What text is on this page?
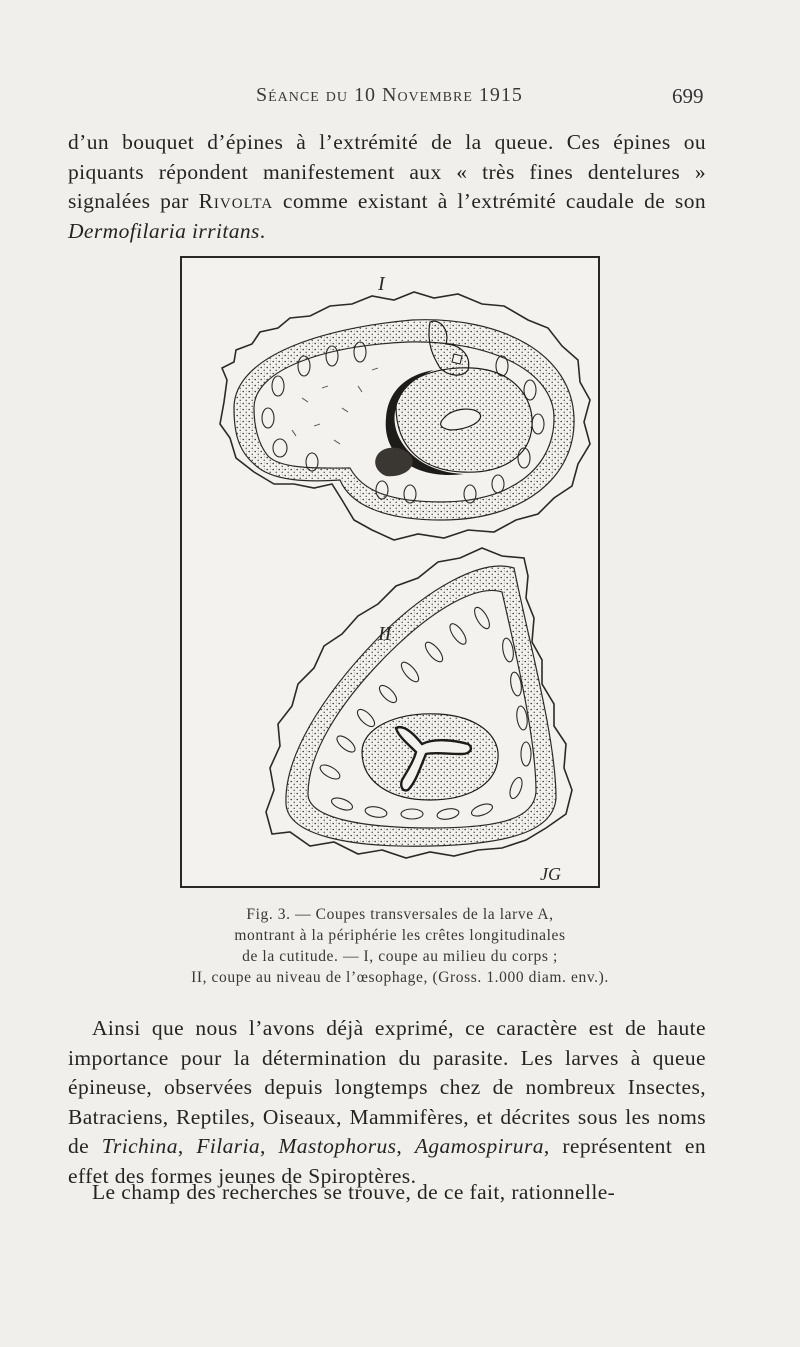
Séance du 10 Novembre 1915	699

d’un bouquet d’épines à l’extrémité de la queue. Ces épines ou piquants répondent manifestement aux « très fines dentelures » signalées par Rivolta comme existant à l’extrémité caudale de son Dermofilaria irritans.

I
II
JG
Fig. 3. — Coupes transversales de la larve A,
montrant à la périphérie les crêtes longitudinales
de la cutitude. — I, coupe au milieu du corps ;
II, coupe au niveau de l’œsophage, (Gross. 1.000 diam. env.).

Ainsi que nous l’avons déjà exprimé, ce caractère est de haute importance pour la détermination du parasite. Les larves à queue épineuse, observées depuis longtemps chez de nombreux Insectes, Batraciens, Reptiles, Oiseaux, Mammifères, et décrites sous les noms de Trichina, Filaria, Mastophorus, Agamospirura, représentent en effet des formes jeunes de Spiroptères.

Le champ des recherches se trouve, de ce fait, rationnelle-
